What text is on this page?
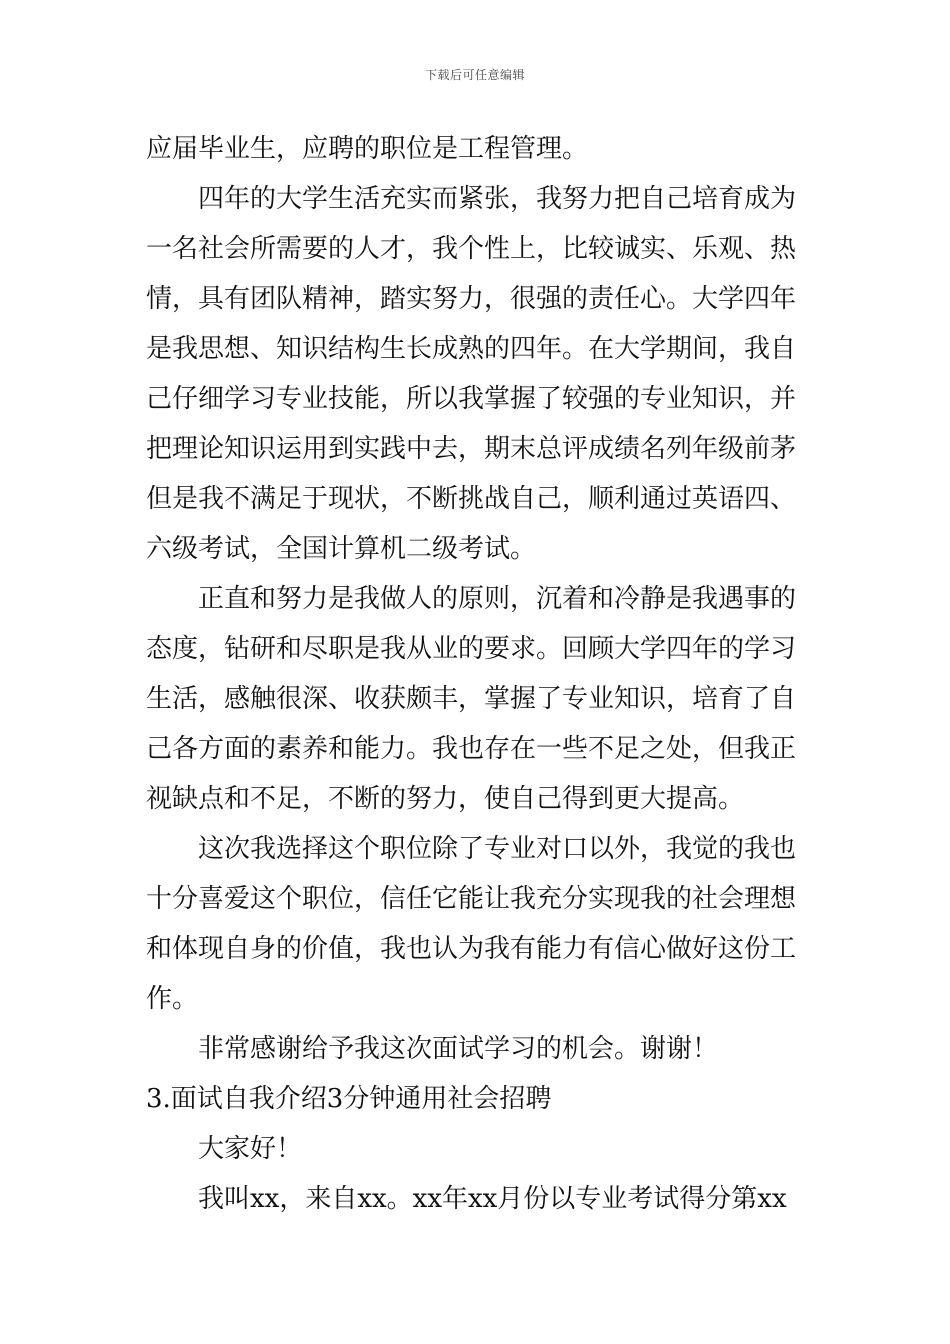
下载后可任意编辑
应届毕业生，应聘的职位是工程管理。
四年的大学生活充实而紧张，我努力把自己培育成为
一名社会所需要的人才，我个性上，比较诚实、乐观、热
情，具有团队精神，踏实努力，很强的责任心。大学四年
是我思想、知识结构生长成熟的四年。在大学期间，我自
己仔细学习专业技能，所以我掌握了较强的专业知识，并
把理论知识运用到实践中去，期末总评成绩名列年级前茅
但是我不满足于现状，不断挑战自己，顺利通过英语四、
六级考试，全国计算机二级考试。
正直和努力是我做人的原则，沉着和冷静是我遇事的
态度，钻研和尽职是我从业的要求。回顾大学四年的学习
生活，感触很深、收获颇丰，掌握了专业知识，培育了自
己各方面的素养和能力。我也存在一些不足之处，但我正
视缺点和不足，不断的努力，使自己得到更大提高。
这次我选择这个职位除了专业对口以外，我觉的我也
十分喜爱这个职位，信任它能让我充分实现我的社会理想
和体现自身的价值，我也认为我有能力有信心做好这份工
作。
非常感谢给予我这次面试学习的机会。谢谢！
3.面试自我介绍3分钟通用社会招聘
大家好！
我叫xx，来自xx。xx年xx月份以专业考试得分第xx
